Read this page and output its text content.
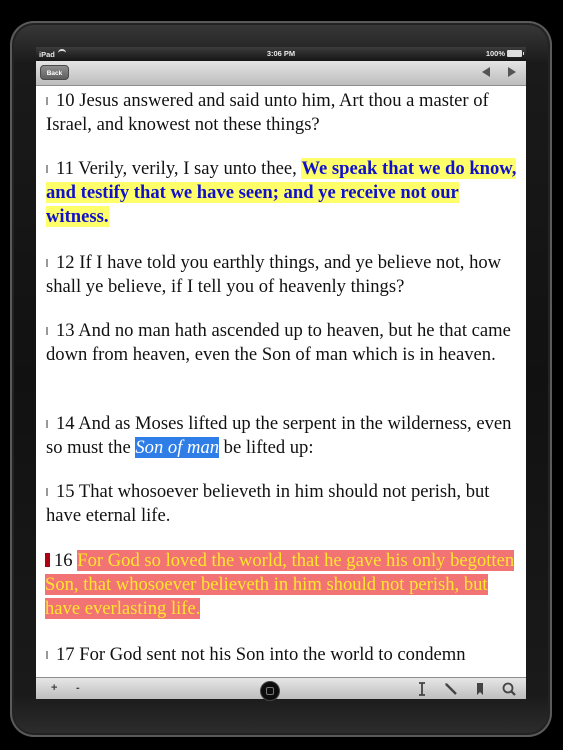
iPad	3:06 PM	100%
Back

10 Jesus answered and said unto him, Art thou a master of Israel, and knowest not these things?

11 Verily, verily, I say unto thee, We speak that we do know, and testify that we have seen; and ye receive not our witness.

12 If I have told you earthly things, and ye believe not, how shall ye believe, if I tell you of heavenly things?

13 And no man hath ascended up to heaven, but he that came down from heaven, even the Son of man which is in heaven.

14 And as Moses lifted up the serpent in the wilderness, even so must the Son of man be lifted up:

15 That whosoever believeth in him should not perish, but have eternal life.

16 For God so loved the world, that he gave his only begotten Son, that whosoever believeth in him should not perish, but have everlasting life.

17 For God sent not his Son into the world to condemn

+ -
